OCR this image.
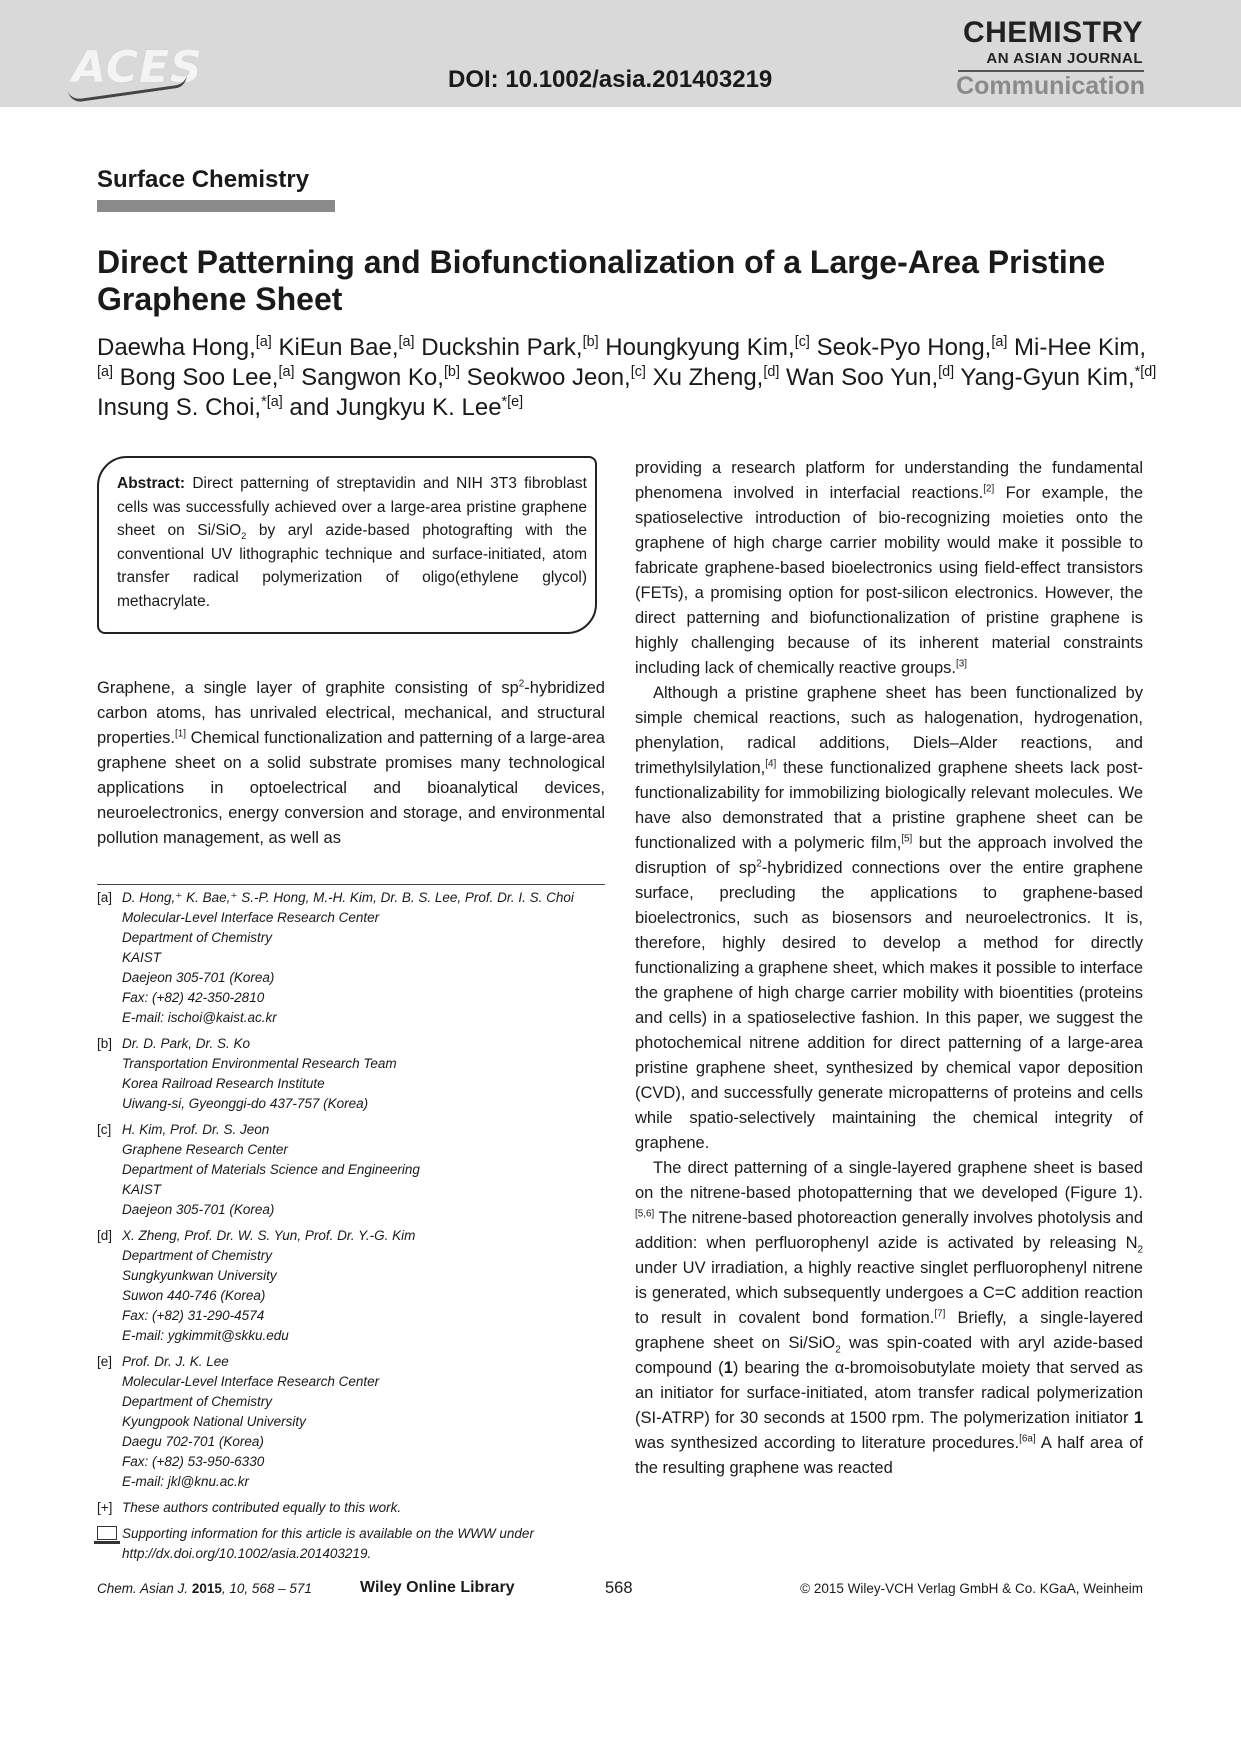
ACES	DOI: 10.1002/asia.201403219
CHEMISTRY
AN ASIAN JOURNAL
Communication
Surface Chemistry
Direct Patterning and Biofunctionalization of a Large-Area Pristine Graphene Sheet
Daewha Hong,[a] KiEun Bae,[a] Duckshin Park,[b] Houngkyung Kim,[c] Seok-Pyo Hong,[a] Mi-Hee Kim,[a] Bong Soo Lee,[a] Sangwon Ko,[b] Seokwoo Jeon,[c] Xu Zheng,[d] Wan Soo Yun,[d] Yang-Gyun Kim,$^{*[d]}$ Insung S. Choi,$^{*[a]}$ and Jungkyu K. Lee$^{*[e]}$
Abstract: Direct patterning of streptavidin and NIH 3T3 fibroblast cells was successfully achieved over a large-area pristine graphene sheet on Si/SiO$_2$ by aryl azide-based photografting with the conventional UV lithographic technique and surface-initiated, atom transfer radical polymerization of oligo(ethylene glycol) methacrylate.

Graphene, a single layer of graphite consisting of $sp^2$-hybridized carbon atoms, has unrivaled electrical, mechanical, and structural properties.[1] Chemical functionalization and patterning of a large-area graphene sheet on a solid substrate promises many technological applications in optoelectrical and bioanalytical devices, neuroelectronics, energy conversion and storage, and environmental pollution management, as well as

[a] D. Hong,⁺ K. Bae,⁺ S.-P. Hong, M.-H. Kim, Dr. B. S. Lee, Prof. Dr. I. S. Choi
Molecular-Level Interface Research Center
Department of Chemistry
KAIST
Daejeon 305-701 (Korea)
Fax: (+82) 42-350-2810
E-mail: ischoi@kaist.ac.kr
[b] Dr. D. Park, Dr. S. Ko
Transportation Environmental Research Team
Korea Railroad Research Institute
Uiwang-si, Gyeonggi-do 437-757 (Korea)
[c] H. Kim, Prof. Dr. S. Jeon
Graphene Research Center
Department of Materials Science and Engineering
KAIST
Daejeon 305-701 (Korea)
[d] X. Zheng, Prof. Dr. W. S. Yun, Prof. Dr. Y.-G. Kim
Department of Chemistry
Sungkyunkwan University
Suwon 440-746 (Korea)
Fax: (+82) 31-290-4574
E-mail: ygkimmit@skku.edu
[e] Prof. Dr. J. K. Lee
Molecular-Level Interface Research Center
Department of Chemistry
Kyungpook National University
Daegu 702-701 (Korea)
Fax: (+82) 53-950-6330
E-mail: jkl@knu.ac.kr
[+] These authors contributed equally to this work.
Supporting information for this article is available on the WWW under
http://dx.doi.org/10.1002/asia.201403219.

providing a research platform for understanding the fundamental phenomena involved in interfacial reactions.[2] For example, the spatioselective introduction of bio-recognizing moieties onto the graphene of high charge carrier mobility would make it possible to fabricate graphene-based bioelectronics using field-effect transistors (FETs), a promising option for post-silicon electronics. However, the direct patterning and biofunctionalization of pristine graphene is highly challenging because of its inherent material constraints including lack of chemically reactive groups.[3]

Although a pristine graphene sheet has been functionalized by simple chemical reactions, such as halogenation, hydrogenation, phenylation, radical additions, Diels–Alder reactions, and trimethylsilylation,[4] these functionalized graphene sheets lack post-functionalizability for immobilizing biologically relevant molecules. We have also demonstrated that a pristine graphene sheet can be functionalized with a polymeric film,[5] but the approach involved the disruption of $sp^2$-hybridized connections over the entire graphene surface, precluding the applications to graphene-based bioelectronics, such as biosensors and neuroelectronics. It is, therefore, highly desired to develop a method for directly functionalizing a graphene sheet, which makes it possible to interface the graphene of high charge carrier mobility with bioentities (proteins and cells) in a spatioselective fashion. In this paper, we suggest the photochemical nitrene addition for direct patterning of a large-area pristine graphene sheet, synthesized by chemical vapor deposition (CVD), and successfully generate micropatterns of proteins and cells while spatio-selectively maintaining the chemical integrity of graphene.

The direct patterning of a single-layered graphene sheet is based on the nitrene-based photopatterning that we developed (Figure 1).[5,6] The nitrene-based photoreaction generally involves photolysis and addition: when perfluorophenyl azide is activated by releasing $N_2$ under UV irradiation, a highly reactive singlet perfluorophenyl nitrene is generated, which subsequently undergoes a C=C addition reaction to result in covalent bond formation.[7] Briefly, a single-layered graphene sheet on Si/SiO$_2$ was spin-coated with aryl azide-based compound (1) bearing the α-bromoisobutylate moiety that served as an initiator for surface-initiated, atom transfer radical polymerization (SI-ATRP) for 30 seconds at 1500 rpm. The polymerization initiator 1 was synthesized according to literature procedures.[6a] A half area of the resulting graphene was reacted

Chem. Asian J. 2015, 10, 568 – 571	Wiley Online Library	568	© 2015 Wiley-VCH Verlag GmbH & Co. KGaA, Weinheim
